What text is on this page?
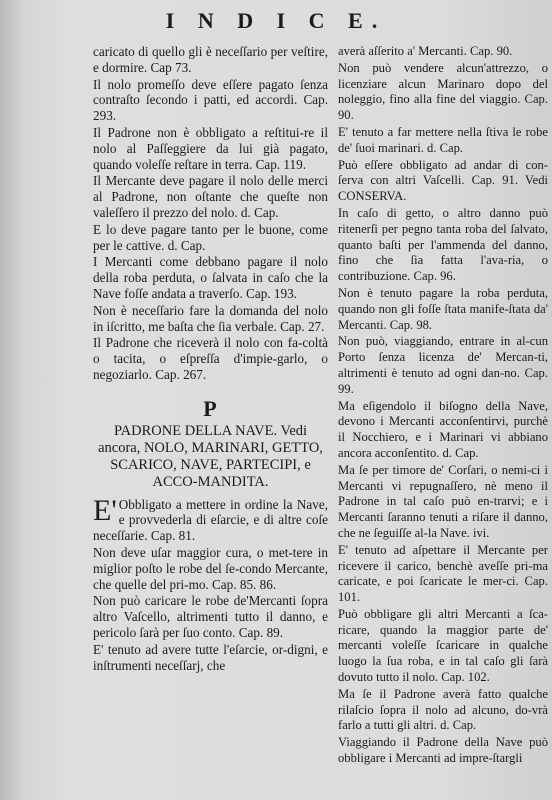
I N D I C E.

caricato di quello gli è neceſſario per veſtire, e dormire. Cap 73.

Il nolo promeſſo deve eſſere pagato ſenza contraſto ſecondo i patti, ed accordi. Cap. 293.

Il Padrone non è obbligato a reſtitui-re il nolo al Paſſeggiere da lui già pagato, quando voleſſe reſtare in terra. Cap. 119.

Il Mercante deve pagare il nolo delle merci al Padrone, non oſtante che queſte non valeſſero il prezzo del nolo. d. Cap.

E lo deve pagare tanto per le buone, come per le cattive. d. Cap.

I Mercanti come debbano pagare il nolo della roba perduta, o ſalvata in caſo che la Nave foſſe andata a traverſo. Cap. 193.

Non è neceſſario fare la domanda del nolo in iſcritto, me baſta che ſia verbale. Cap. 27.

Il Padrone che riceverà il nolo con fa-coltà o tacita, o eſpreſſa d'impie-garlo, o negoziarlo. Cap. 267.

P
PADRONE DELLA NAVE. Vedi ancora, NOLO, MARINARI, GETTO, SCARICO, NAVE, PARTECIPI, e ACCO-MANDITA.

E'Obbligato a mettere in ordine la Nave, e provvederla di eſarcie, e di altre coſe neceſſarie. Cap. 81.

Non deve uſar maggior cura, o met-tere in miglior poſto le robe del ſe-condo Mercante, che quelle del pri-mo. Cap. 85. 86.

Non può caricare le robe de'Mercanti ſopra altro Vaſcello, altrimenti tutto il danno, e pericolo ſarà per ſuo conto. Cap. 89.

E' tenuto ad avere tutte l'eſarcie, or-digni, e inſtrumenti neceſſarj, che

averà aſſerito a' Mercanti. Cap. 90.

Non può vendere alcun'attrezzo, o licenziare alcun Marinaro dopo del noleggio, fino alla fine del viaggio. Cap. 90.

E' tenuto a far mettere nella ſtiva le robe de' ſuoi marinari. d. Cap.

Può eſſere obbligato ad andar di con-ſerva con altri Vaſcelli. Cap. 91. Vedi CONSERVA.

In caſo di getto, o altro danno può ritenerſi per pegno tanta roba del ſalvato, quanto baſti per l'ammenda del danno, fino che ſia fatta l'ava-ria, o contribuzione. Cap. 96.

Non è tenuto pagare la roba perduta, quando non gli foſſe ſtata manife-ſtata da' Mercanti. Cap. 98.

Non può, viaggiando, entrare in al-cun Porto ſenza licenza de' Mercan-ti, altrimenti è tenuto ad ogni dan-no. Cap. 99.

Ma eſigendolo il biſogno della Nave, devono i Mercanti acconſentirvi, purchè il Nocchiero, e i Marinari vi abbiano ancora acconſentito. d. Cap.

Ma ſe per timore de' Corſari, o nemi-ci i Mercanti vi repugnaſſero, nè meno il Padrone in tal caſo può en-trarvi; e i Mercanti ſaranno tenuti a riſare il danno, che ne ſeguiſſe al-la Nave. ivi.

E' tenuto ad aſpettare il Mercante per ricevere il carico, benchè aveſſe pri-ma caricate, e poi ſcaricate le mer-ci. Cap. 101.

Può obbligare gli altri Mercanti a ſca-ricare, quando la maggior parte de' mercanti voleſſe ſcaricare in qualche luogo la ſua roba, e in tal caſo gli ſarà dovuto tutto il nolo. Cap. 102.

Ma ſe il Padrone averà fatto qualche rilaſcio ſopra il nolo ad alcuno, do-vrà farlo a tutti gli altri. d. Cap.

Viaggiando il Padrone della Nave può obbligare i Mercanti ad impre-ſtargli
